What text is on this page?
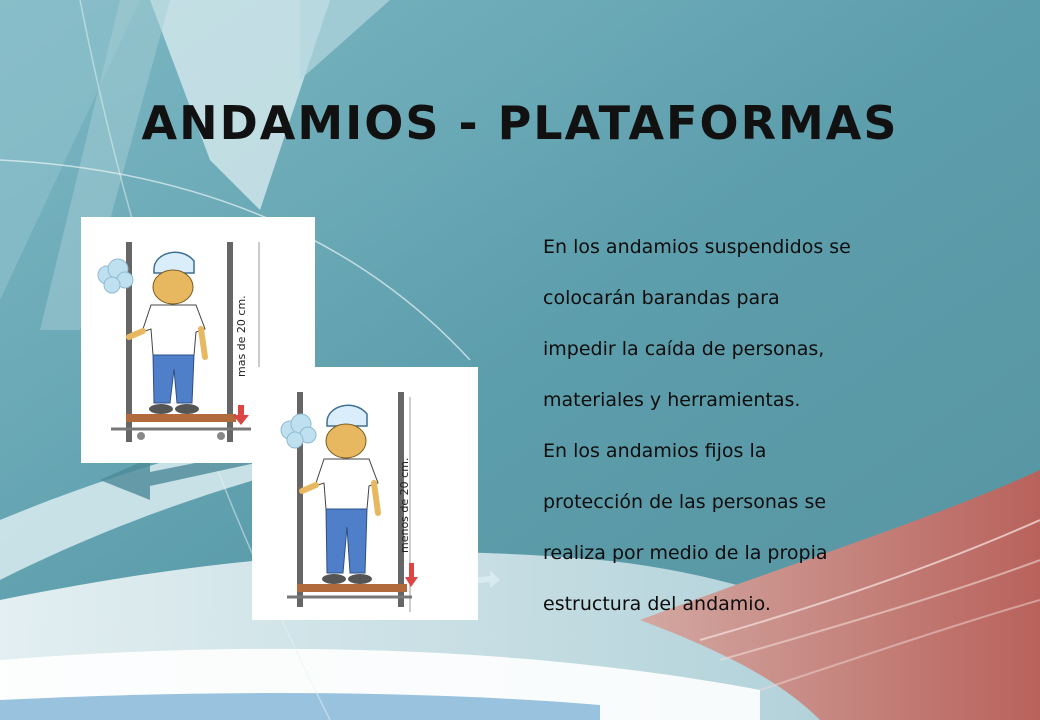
ANDAMIOS - PLATAFORMAS
mas de 20 cm.
menos de 20 cm.
En los andamios suspendidos se
colocarán barandas para
impedir la caída de personas,
materiales y herramientas.
En los andamios fijos la
protección de las personas se
realiza por medio de la propia
estructura del andamio.
